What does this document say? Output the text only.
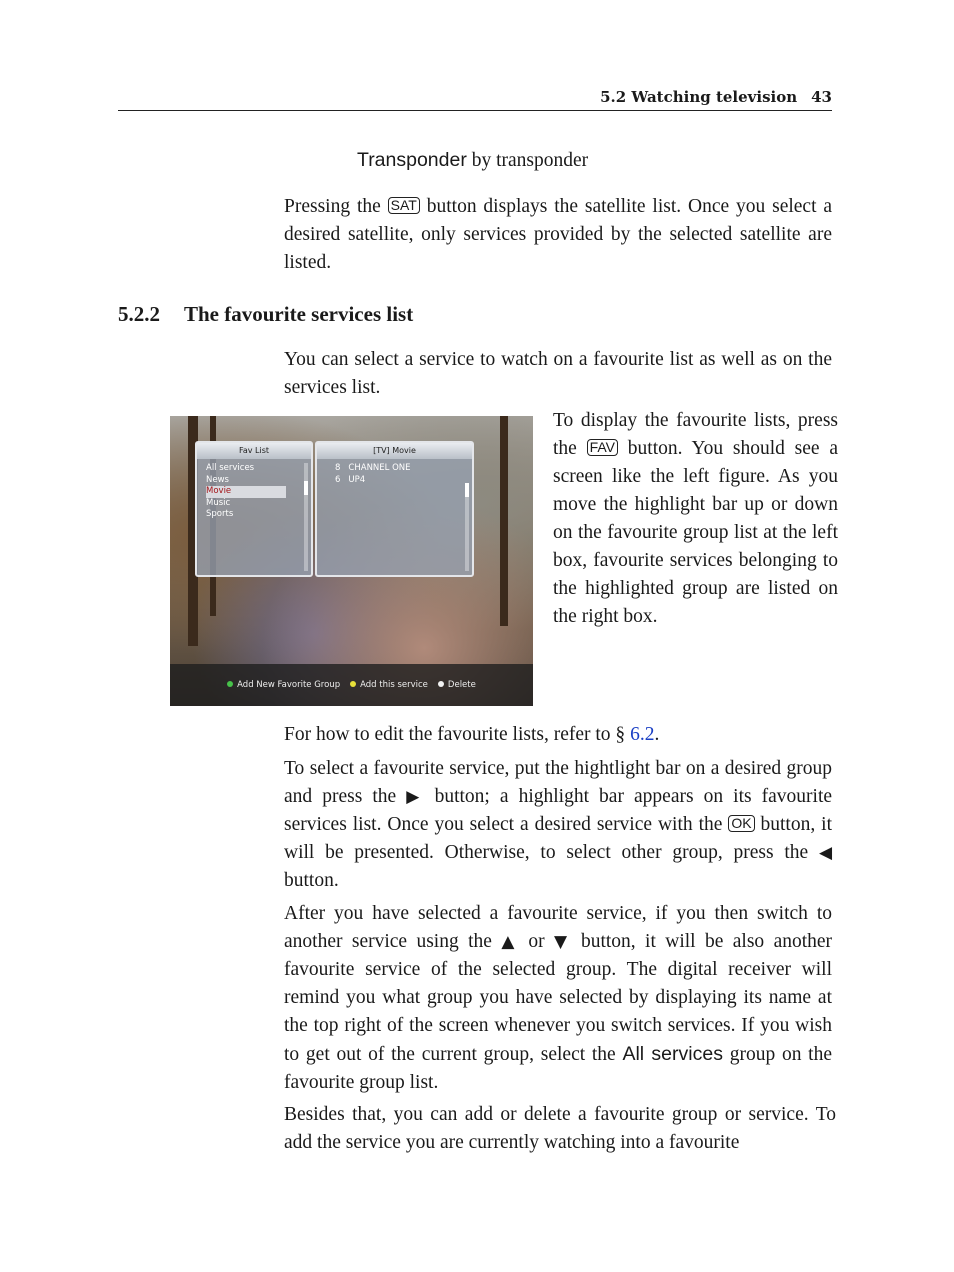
5.2 Watching television 43
Transponder by transponder
Pressing the SAT button displays the satellite list. Once you select a desired satellite, only services provided by the selected satellite are listed.
5.2.2 The favourite services list
You can select a service to watch on a favourite list as well as on the services list.
Fav List
All services
News
Movie
Music
Sports
[TV] Movie
8 CHANNEL ONE
6 UP4
Add New Favorite Group	Add this service	Delete
To display the favourite lists, press the FAV button. You should see a screen like the left figure. As you move the highlight bar up or down on the favourite group list at the left box, favourite services belonging to the highlighted group are listed on the right box.
For how to edit the favourite lists, refer to § 6.2.
To select a favourite service, put the hightlight bar on a desired group and press the ▶ button; a highlight bar appears on its favourite services list. Once you select a desired service with the OK button, it will be presented. Otherwise, to select other group, press the ◀ button.
After you have selected a favourite service, if you then switch to another service using the ▲ or ▼ button, it will be also another favourite service of the selected group. The digital receiver will remind you what group you have selected by displaying its name at the top right of the screen whenever you switch services. If you wish to get out of the current group, select the All services group on the favourite group list.
Besides that, you can add or delete a favourite group or service. To add the service you are currently watching into a favourite
